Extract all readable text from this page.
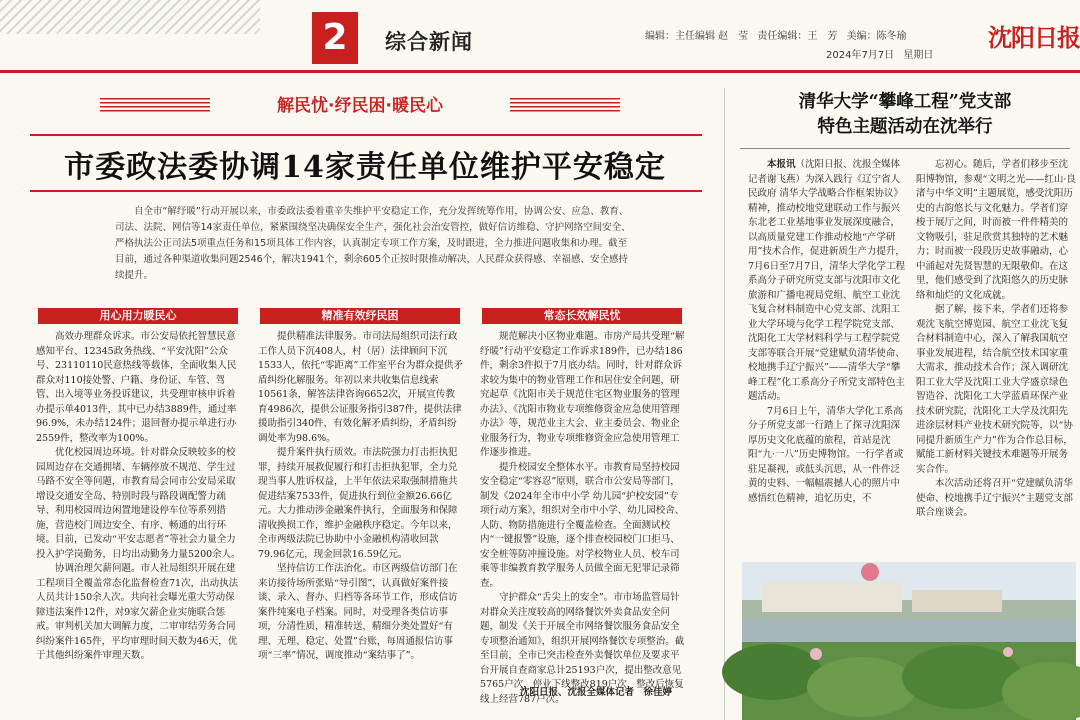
2	综合新闻	编辑：主任编辑 赵　莹 责任编辑：王　芳 美编：陈冬瑜
2024年7月7日 星期日
沈阳日报
解民忧·纾民困·暖民心
市委政法委协调14家责任单位维护平安稳定
自全市“解纾暖”行动开展以来，市委政法委着重辛失维护平安稳定工作，充分发挥统筹作用，协调公安、应急、教育、司法、法院、网信等14家责任单位，紧紧围绕坚决确保安全生产，强化社会治安管控，做好信访维稳、守护网络空间安全、严格执法公正司法5项重点任务和15项具体工作内容，认真制定专项工作方案，及时跟进，全力推进问题收集和办理。截至目前，通过各种渠道收集问题2546个，解决1941个，剩余605个正按时限推动解决，人民群众获得感、幸福感、安全感持续提升。
用心用力暖民心

高效办理群众诉求。市公安局依托智慧民意感知平台、12345政务热线、“平安沈阳”公众号、23110110民意热线等载体，全面收集人民群众对110接处警、户籍、身份证、车管、驾管、出入境等业务投诉建议，共受理审核申诉着办提示单4013件，其中已办结3889件，通过率96.9%，未办结124件；退回督办提示单进行办2559件，整改率为100%。

优化校园周边环境。针对群众反映较多的校园周边存在交通拥堵、车辆停放不规范、学生过马路不安全等问题，市教育局会同市公安局采取增设交通安全岛、特别时段与路段调配警力疏导、利用校园周边闲置地建设停车位等系列措施，营造校门周边安全、有序、畅通的出行环境。目前，已发动“平安志愿者”等社会力量全力投入护学岗勤务，日均出动勤务力量5200余人。

协调治理欠薪问题。市人社局组织开展在建工程项目全覆盖常态化监督检查71次，出动执法人员共计150余人次。共向社会曝光重大劳动保障违法案件12件，对9家欠薪企业实施联合惩戒。审判机关加大调解力度，二审审结劳务合同纠纷案件165件，平均审理时间天数为46天，优于其他纠纷案件审理天数。

精准有效纾民困

提供精准法律服务。市司法局组织司法行政工作人员下沉408人，村（居）法律顾问下沉1533人，依托“零距离”工作室平台为群众提供矛盾纠纷化解服务。年初以来共收集信息线索10561条，解答法律咨询6652次，开展宣传教育4986次，提供公证服务指引387件，提供法律援助指引340件，有效化解矛盾纠纷，矛盾纠纷调处率为98.6%。

提升案件执行质效。市法院强力打击拒执犯罪，持续开展救促履行和打击拒执犯罪，全力兑现当事人胜诉权益，上半年依法采取强制措施共促进结案7533件，促进执行到位金额26.66亿元。大力推动涉金融案件执行，全面服务和保障清收换损工作，维护金融秩序稳定。今年以来，全市两级法院已协助中小金融机构清收回款79.96亿元，现金回款16.59亿元。

坚持信访工作法治化。市区两级信访部门在来访接待场所张贴“导引图”，认真做好案件接谈、录入、督办、归档等各环节工作，形成信访案件纯案电子档案。同时，对受理各类信访事项，分清性质，精准转送，精细分类处置好“有理、无理、稳定、处置”台账，每周通报信访事项“三率”情况，调度推动“案结事了”。

常态长效解民忧

规范解决小区物业难题。市房产局共受理“解纾暖”行动平安稳定工作诉求189件，已办结186件，剩余3件拟于7月底办结。同时，针对群众诉求较为集中的物业管理工作和居住安全问题，研究起草《沈阳市关于规范住宅区物业服务的管理办法》、《沈阳市物业专项维修资金应急使用管理办法》等，规范业主大会、业主委员会、物业企业服务行为，物业专项维修资金应急使用管理工作逐步推进。

提升校园安全整体水平。市教育局坚持校园安全稳定“零容忍”原则，联合市公安局等部门，制发《2024年全市中小学 幼儿园“护校安园”专项行动方案》，组织对全市中小学、幼儿园校舍、人防、物防措施进行全覆盖检查。全面测试校内“一键报警”设施，逐个排查校园校门口拒马、安全桩等防冲撞设施。对学校物业人员、校车司乘等非编教育教学服务人员做全面无犯罪记录筛查。

守护群众“舌尖上的安全”。市市场监管局针对群众关注度较高的网络餐饮外卖食品安全问题，制发《关于开展全市网络餐饮服务食品安全专项整治通知》，组织开展网络餐饮专项整治。截至目前，全市已突击检查外卖餐饮单位及要求平台开展自查商家总计25193户次，提出整改意见5765户次，停业下线整改819户次，整改后恢复线上经营787户次。

沈阳日报、沈报全媒体记者　徐佳婷
清华大学“攀峰工程”党支部
特色主题活动在沈举行

本报讯（沈阳日报、沈报全媒体记者谢飞燕）为深入践行《辽宁省人民政府 清华大学战略合作框架协议》精神，推动校地党建联动工作与振兴东北老工业基地事业发展深度融合，以高质量党建工作推动校地“产学研用”技术合作，促进新质生产力提升，7月6日至7月7日，清华大学化学工程系高分子研究所党支部与沈阳市文化旅游和广播电视局党组、航空工业沈飞复合材料制造中心党支部、沈阳工业大学环境与化学工程学院党支部、沈阳化工大学材料科学与工程学院党支部等联合开展“党建赋负清华使命、校地携手辽宁振兴”——清华大学“攀峰工程”化工系高分子所党支部特色主题活动。

7月6日上午，清华大学化工系高分子所党支部一行踏上了探寻沈阳深厚历史文化底蕴的旅程，首站是沈阳“九·一八”历史博物馆。一行学者或驻足凝视，或低头沉思，从一件件泛黄的史料、一幅幅震撼人心的照片中感悟红色精神，追忆历史，不

忘初心。随后，学者们移步至沈阳博物馆，参观“文明之光——红山·良渚与中华文明”主题展览，感受沈阳历史的古韵悠长与文化魅力。学者们穿梭于展厅之间，时而被一件件精美的文物吸引，驻足欣赏其独特的艺术魅力；时而被一段段历史故事融动，心中涌起对先贤智慧的无限敬仰。在这里，他们感受到了沈阳悠久的历史脉络和灿烂的文化成就。

据了解，接下来，学者们还将参观沈飞航空博览园、航空工业沈飞复合材料制造中心，深入了解我国航空事业发展进程，结合航空技术国家重大需求，推动技术合作；深入调研沈阳工业大学及沈阳工业大学盛京绿色智造谷、沈阳化工大学蓝盾环保产业技术研究院，沈阳化工大学及沈阳先进涂层材料产业技术研究院等，以“协同提升新质生产力”作为合作总目标，赋能工新材料关键技术难题等开展务实合作。

本次活动还将召开“党建赋负清华使命、校地携手辽宁振兴”主题党支部联合座谈会。
